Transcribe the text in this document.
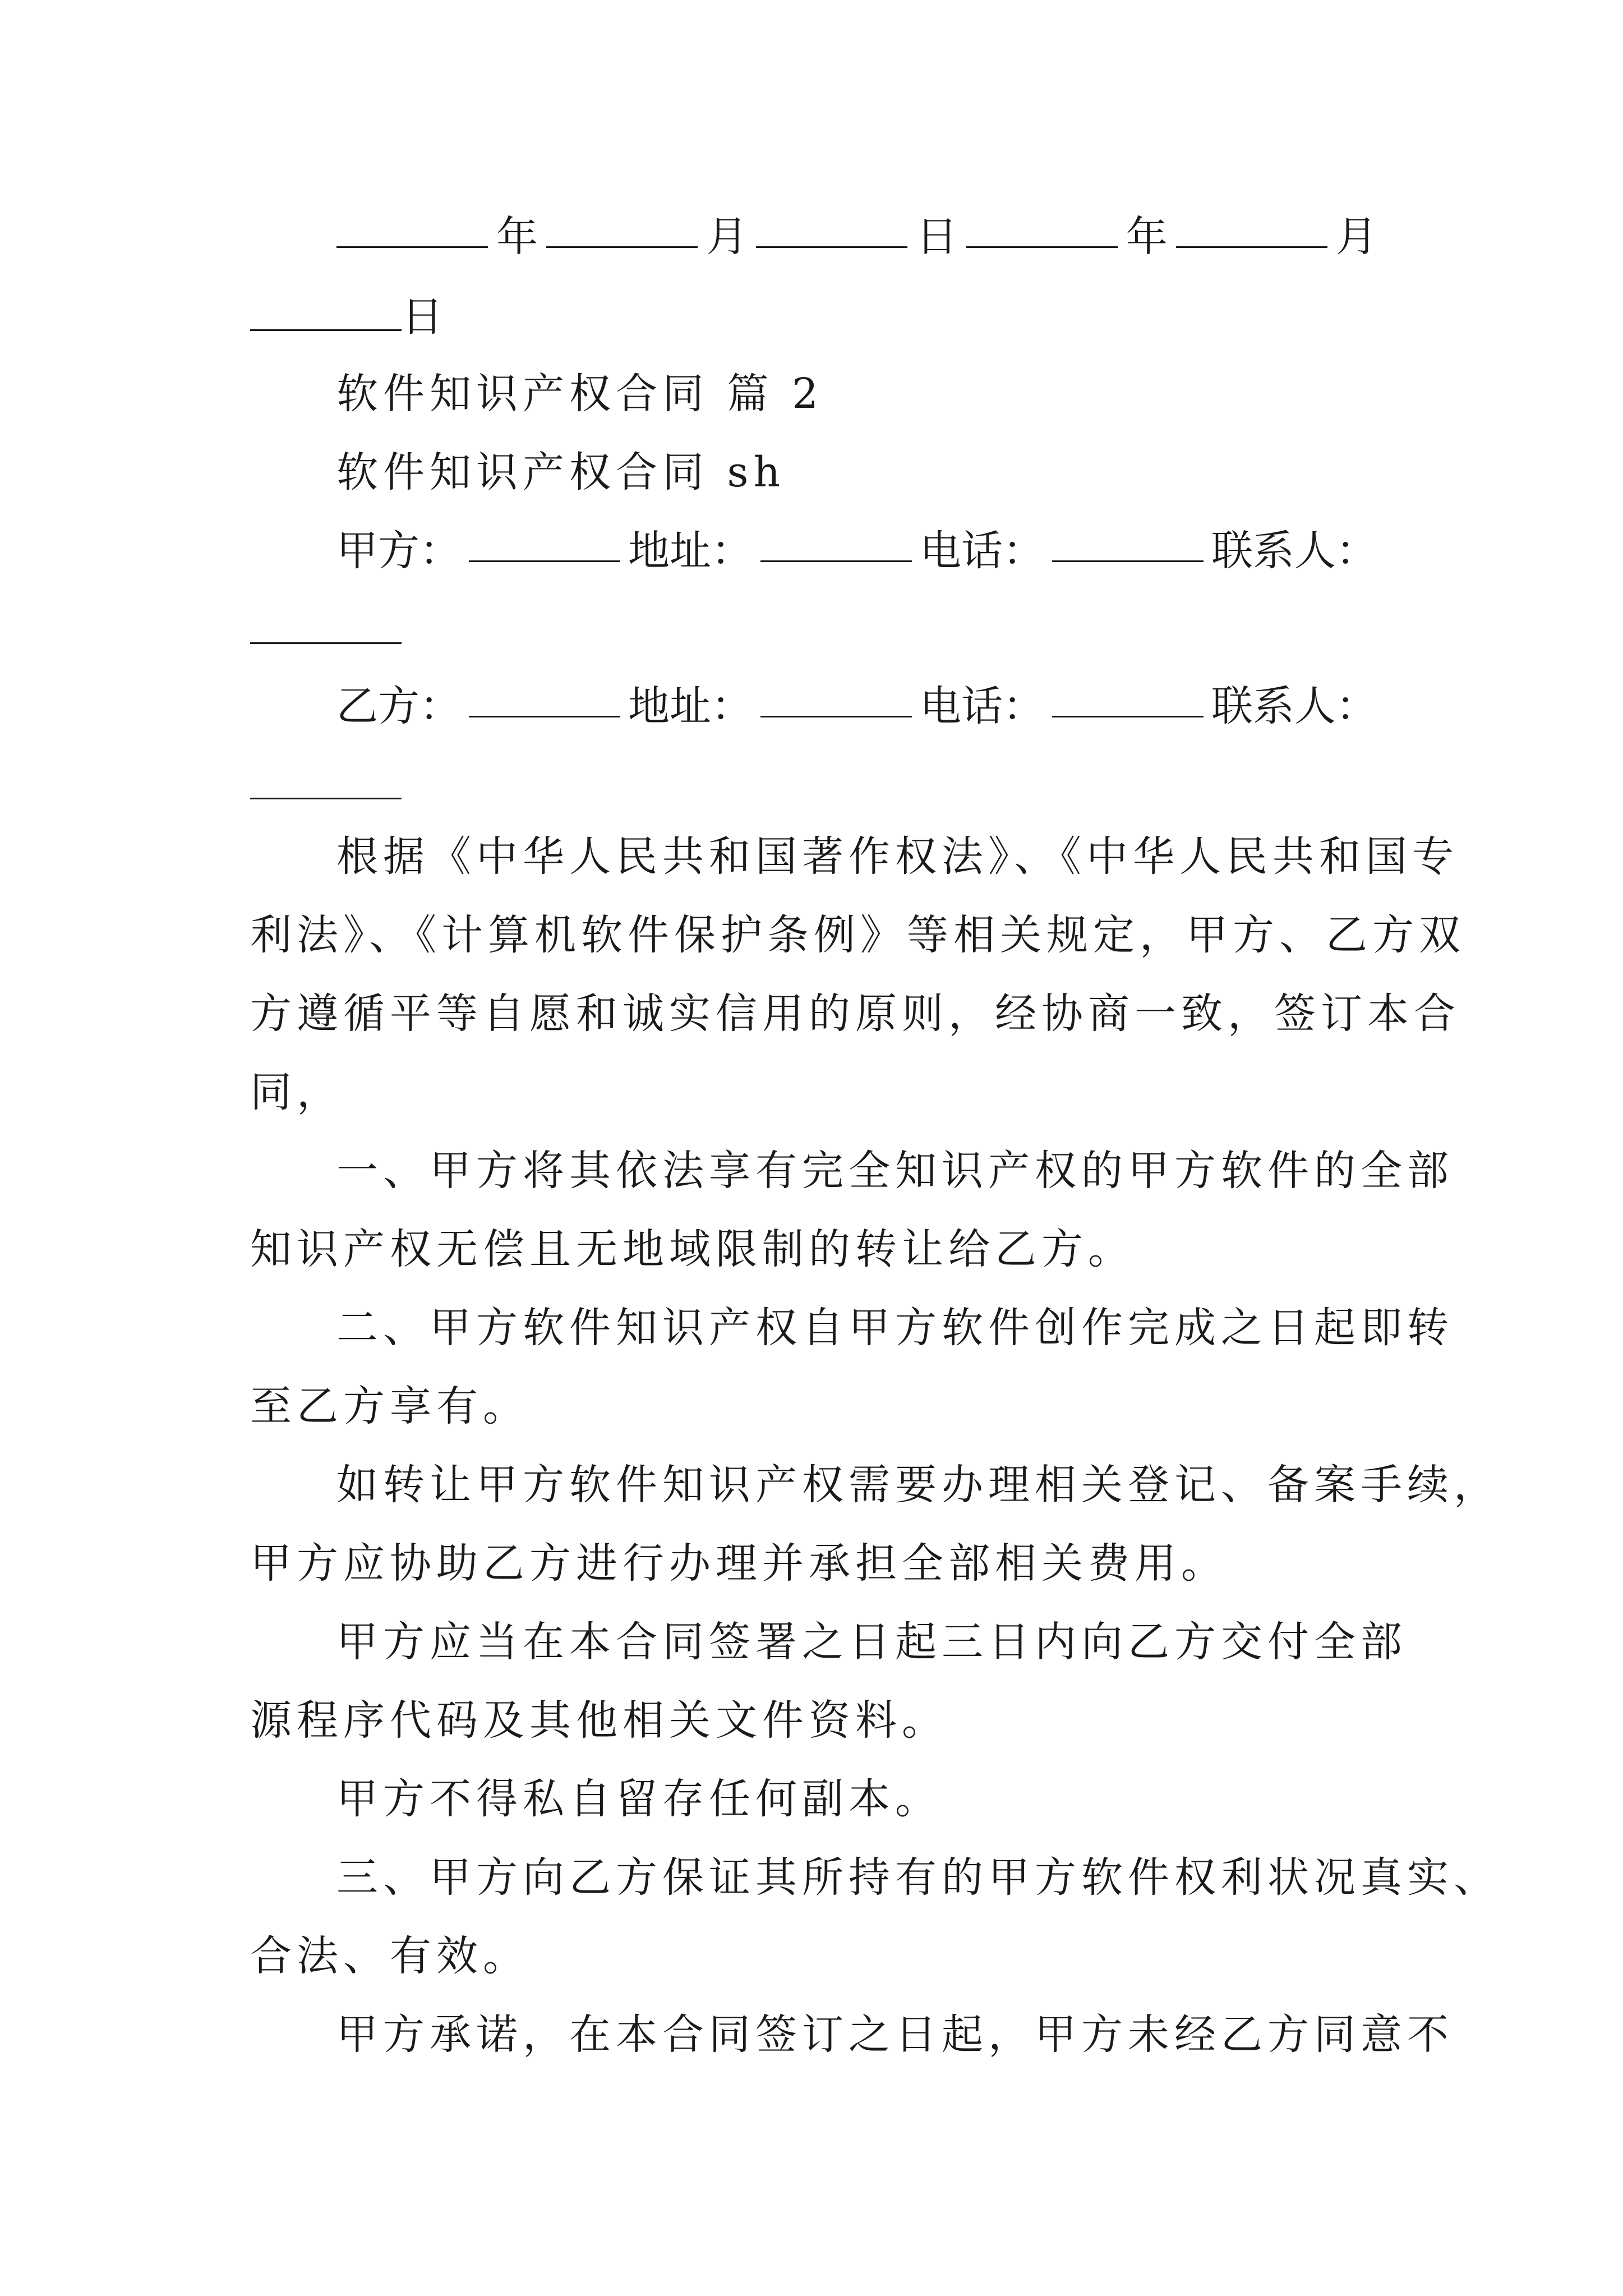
年	月	日	年	月
日
软件知识产权合同 篇 2
软件知识产权合同 sh
甲方：	地址：	电话：	联系人：
乙方：	地址：	电话：	联系人：
根据《中华人民共和国著作权法》、《中华人民共和国专
利法》、《计算机软件保护条例》等相关规定，甲方、乙方双
方遵循平等自愿和诚实信用的原则，经协商一致，签订本合
同，
一、甲方将其依法享有完全知识产权的甲方软件的全部
知识产权无偿且无地域限制的转让给乙方。
二、甲方软件知识产权自甲方软件创作完成之日起即转
至乙方享有。
如转让甲方软件知识产权需要办理相关登记、备案手续，
甲方应协助乙方进行办理并承担全部相关费用。
甲方应当在本合同签署之日起三日内向乙方交付全部
源程序代码及其他相关文件资料。
甲方不得私自留存任何副本。
三、甲方向乙方保证其所持有的甲方软件权利状况真实、
合法、有效。
甲方承诺，在本合同签订之日起，甲方未经乙方同意不
